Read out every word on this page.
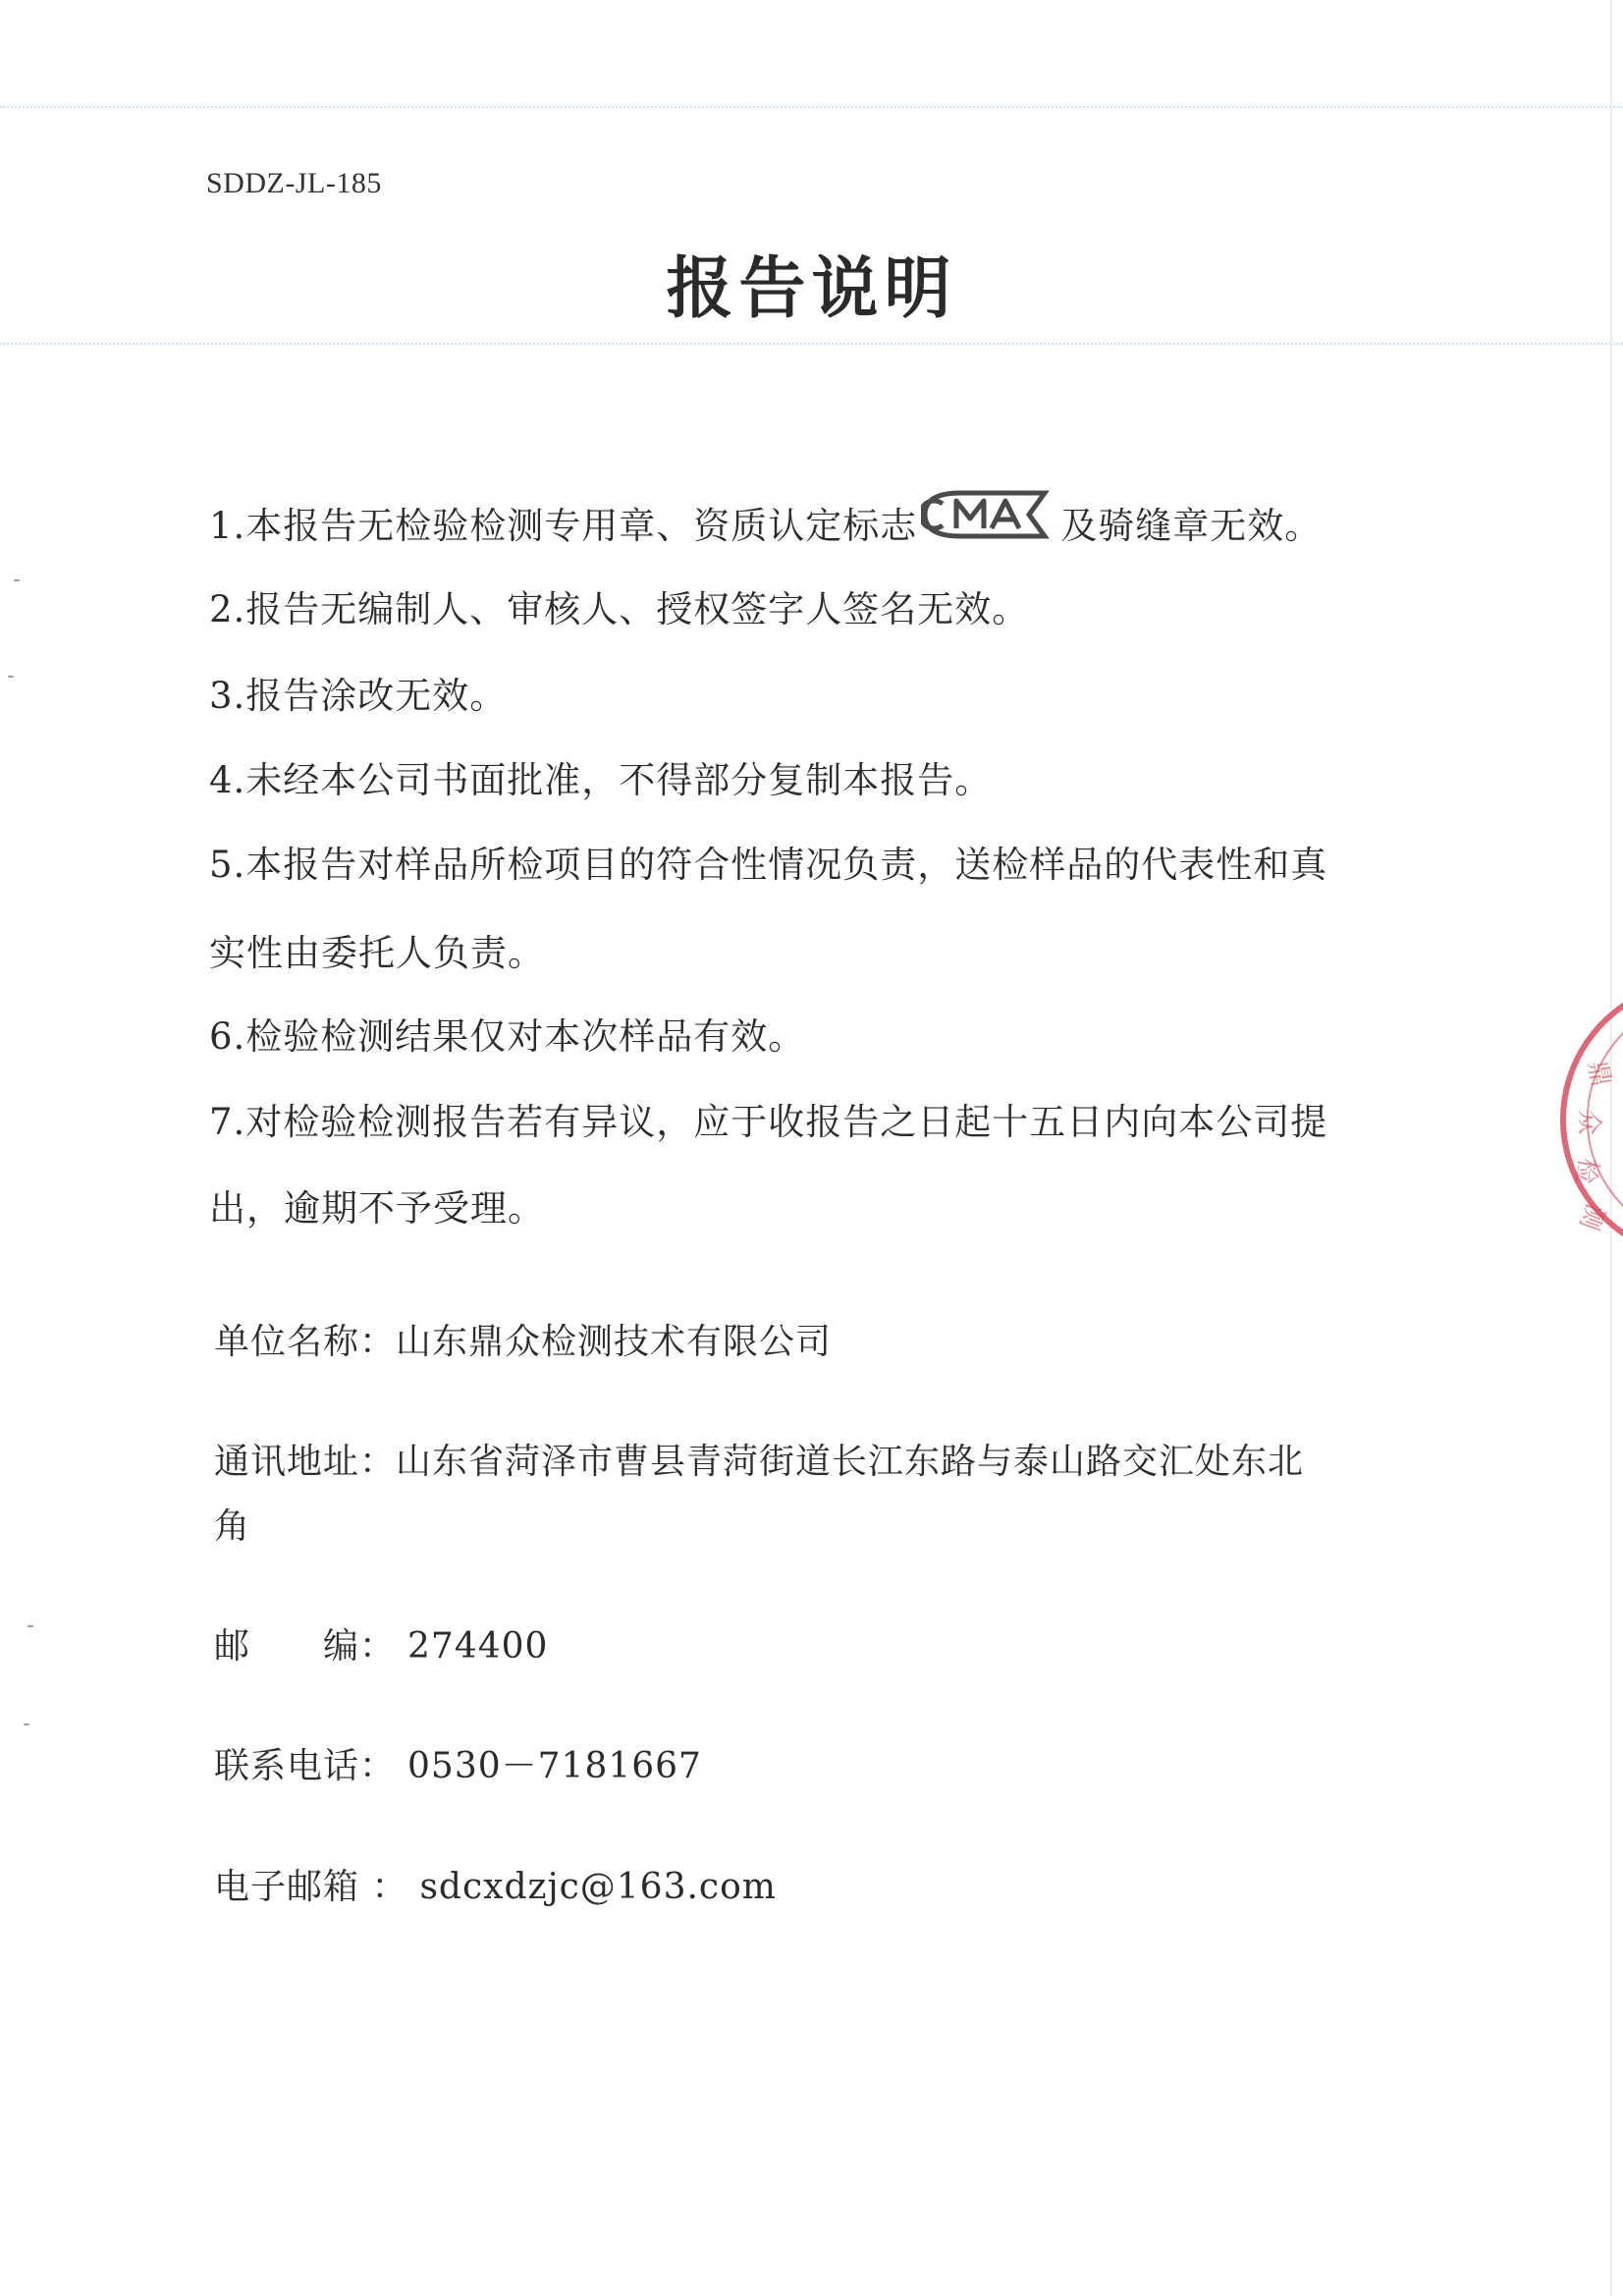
SDDZ-JL-185
报告说明
1.本报告无检验检测专用章、资质认定标志	及骑缝章无效。
2.报告无编制人、审核人、授权签字人签名无效。
3.报告涂改无效。
4.未经本公司书面批准，不得部分复制本报告。
5.本报告对样品所检项目的符合性情况负责，送检样品的代表性和真
实性由委托人负责。
6.检验检测结果仅对本次样品有效。
7.对检验检测报告若有异议，应于收报告之日起十五日内向本公司提
出，逾期不予受理。
单位名称：山东鼎众检测技术有限公司
通讯地址：山东省菏泽市曹县青菏街道长江东路与泰山路交汇处东北
角
邮　　编： 274400
联系电话： 0530－7181667
电子邮箱 ： sdcxdzjc@163.com
鼎
众
检
测
